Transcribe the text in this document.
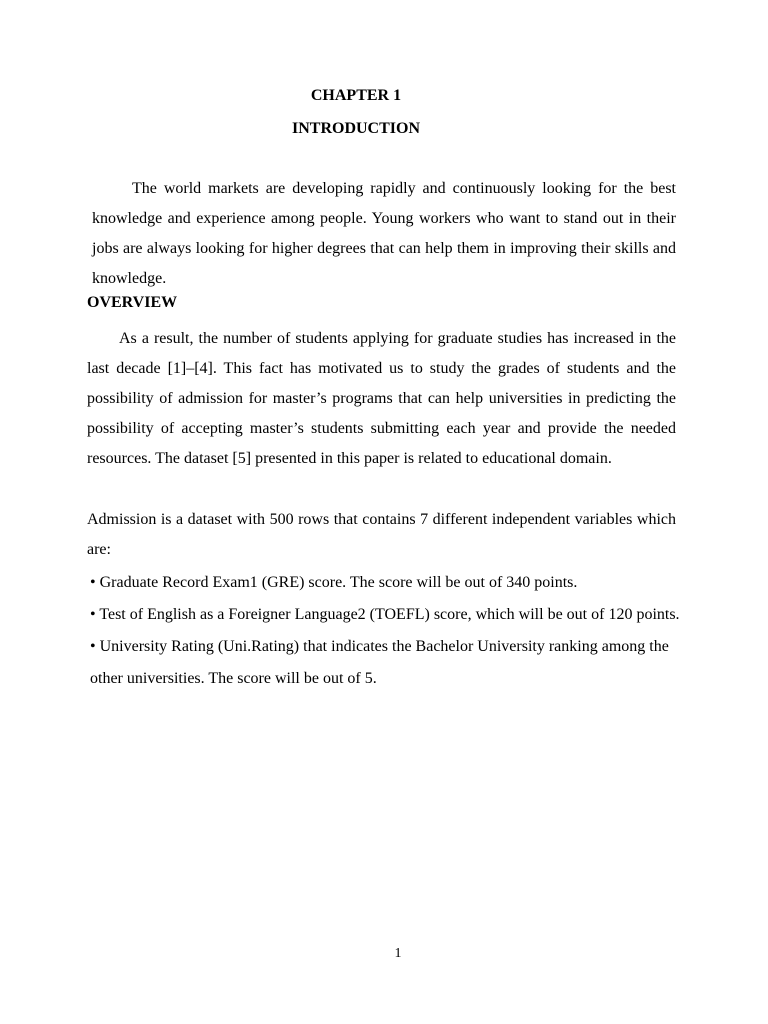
CHAPTER 1
INTRODUCTION

The world markets are developing rapidly and continuously looking for the best knowledge and experience among people. Young workers who want to stand out in their jobs are always looking for higher degrees that can help them in improving their skills and knowledge.

OVERVIEW

As a result, the number of students applying for graduate studies has increased in the last decade [1]–[4]. This fact has motivated us to study the grades of students and the possibility of admission for master’s programs that can help universities in predicting the possibility of accepting master’s students submitting each year and provide the needed resources. The dataset [5] presented in this paper is related to educational domain.

Admission is a dataset with 500 rows that contains 7 different independent variables which are:

• Graduate Record Exam1 (GRE) score. The score will be out of 340 points.
• Test of English as a Foreigner Language2 (TOEFL) score, which will be out of 120 points.
• University Rating (Uni.Rating) that indicates the Bachelor University ranking among the other universities. The score will be out of 5.

1
